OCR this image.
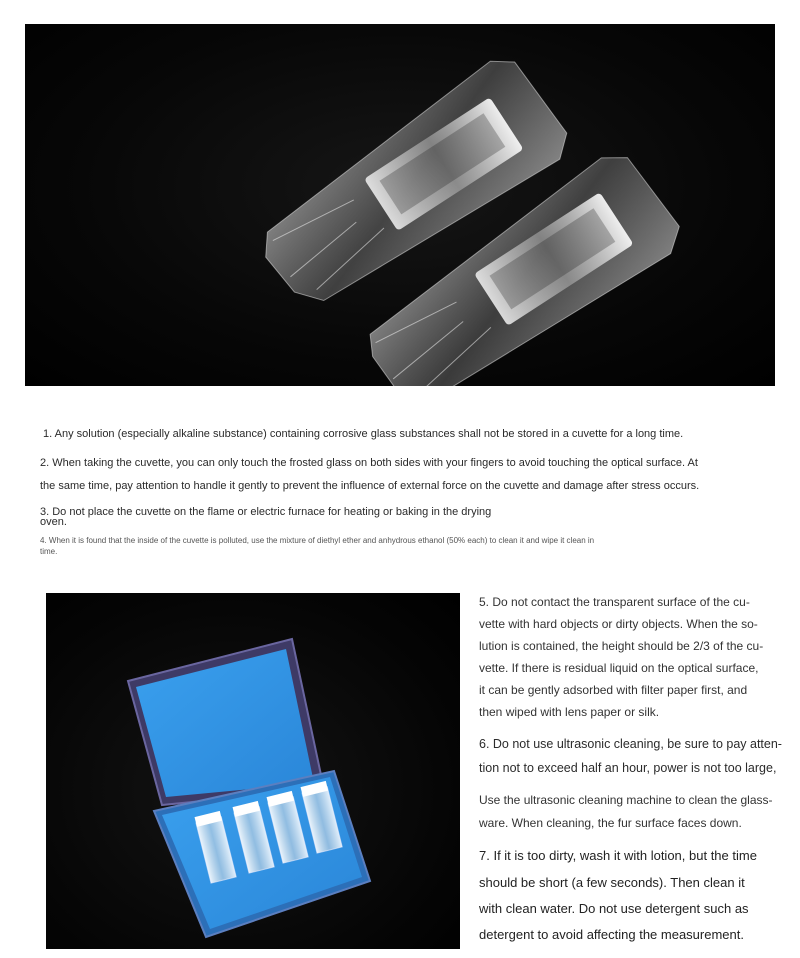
1. Any solution (especially alkaline substance) containing corrosive glass substances shall not be stored in a cuvette for a long time.
2. When taking the cuvette, you can only touch the frosted glass on both sides with your fingers to avoid touching the optical surface. At
the same time, pay attention to handle it gently to prevent the influence of external force on the cuvette and damage after stress occurs.
3. Do not place the cuvette on the flame or electric furnace for heating or baking in the drying
oven.
4. When it is found that the inside of the cuvette is polluted, use the mixture of diethyl ether and anhydrous ethanol (50% each) to clean it and wipe it clean in
time.
5. Do not contact the transparent surface of the cu-
vette with hard objects or dirty objects. When the so-
lution is contained, the height should be 2/3 of the cu-
vette. If there is residual liquid on the optical surface,
it can be gently adsorbed with filter paper first, and
then wiped with lens paper or silk.
6. Do not use ultrasonic cleaning, be sure to pay atten-
tion not to exceed half an hour, power is not too large,
Use the ultrasonic cleaning machine to clean the glass-
ware. When cleaning, the fur surface faces down.
7. If it is too dirty, wash it with lotion, but the time
should be short (a few seconds). Then clean it
with clean water. Do not use detergent such as
detergent to avoid affecting the measurement.
